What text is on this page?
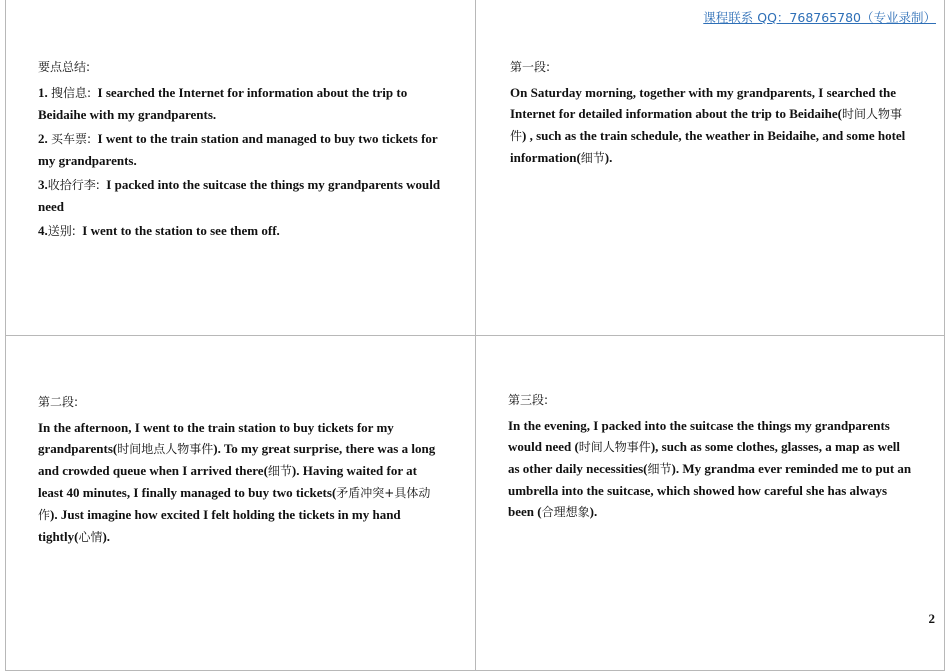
课程联系 QQ：768765780（专业录制）
要点总结:
1. 搜信息: I searched the Internet for information about the trip to Beidaihe with my grandparents.
2. 买车票: I went to the train station and managed to buy two tickets for my grandparents.
3.收拾行李: I packed into the suitcase the things my grandparents would need
4.送别: I went to the station to see them off.
第一段:
On Saturday morning, together with my grandparents, I searched the Internet for detailed information about the trip to Beidaihe(时间人物事件) , such as the train schedule, the weather in Beidaihe, and some hotel information(细节).
第二段:
In the afternoon, I went to the train station to buy tickets for my grandparents(时间地点人物事件). To my great surprise, there was a long and crowded queue when I arrived there(细节). Having waited for at least 40 minutes, I finally managed to buy two tickets(矛盾冲突+具体动作). Just imagine how excited I felt holding the tickets in my hand tightly(心情).
第三段:
In the evening, I packed into the suitcase the things my grandparents would need (时间人物事件), such as some clothes, glasses, a map as well as other daily necessities(细节). My grandma ever reminded me to put an umbrella into the suitcase, which showed how careful she has always been (合理想象).
2
